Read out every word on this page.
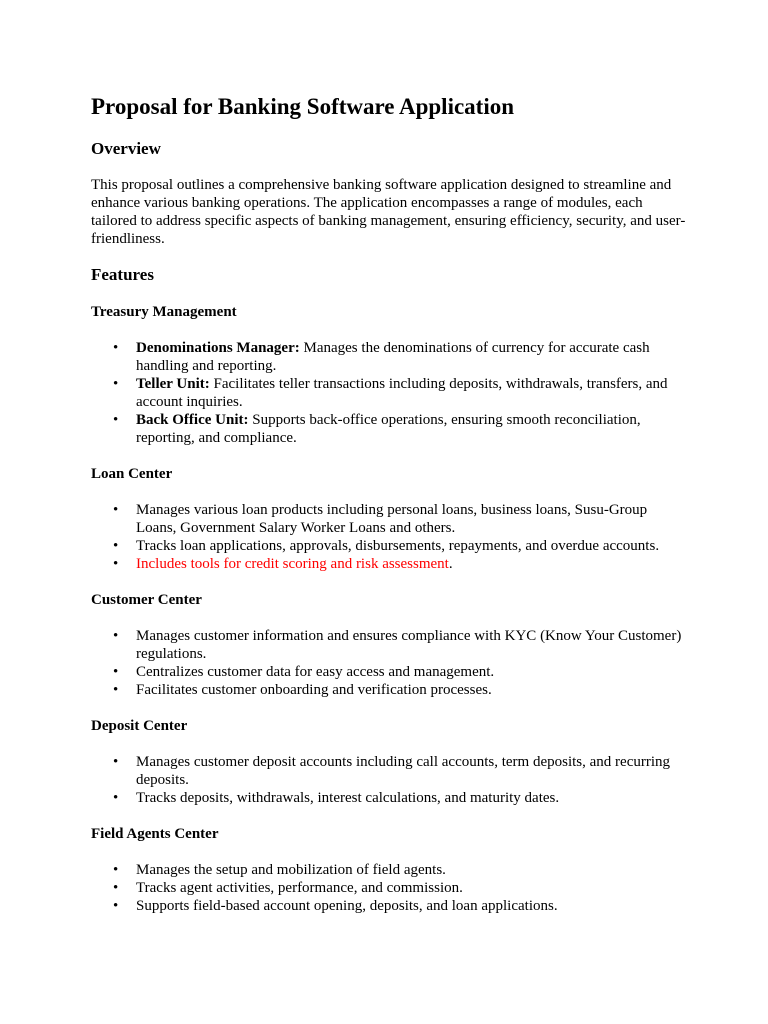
Proposal for Banking Software Application
Overview

This proposal outlines a comprehensive banking software application designed to streamline and enhance various banking operations. The application encompasses a range of modules, each tailored to address specific aspects of banking management, ensuring efficiency, security, and user-friendliness.

Features
Treasury Management
• Denominations Manager: Manages the denominations of currency for accurate cash handling and reporting.
• Teller Unit: Facilitates teller transactions including deposits, withdrawals, transfers, and account inquiries.
• Back Office Unit: Supports back-office operations, ensuring smooth reconciliation, reporting, and compliance.
Loan Center
• Manages various loan products including personal loans, business loans, Susu-Group Loans, Government Salary Worker Loans and others.
• Tracks loan applications, approvals, disbursements, repayments, and overdue accounts.
• Includes tools for credit scoring and risk assessment.
Customer Center
• Manages customer information and ensures compliance with KYC (Know Your Customer) regulations.
• Centralizes customer data for easy access and management.
• Facilitates customer onboarding and verification processes.
Deposit Center
• Manages customer deposit accounts including call accounts, term deposits, and recurring deposits.
• Tracks deposits, withdrawals, interest calculations, and maturity dates.
Field Agents Center
• Manages the setup and mobilization of field agents.
• Tracks agent activities, performance, and commission.
• Supports field-based account opening, deposits, and loan applications.
